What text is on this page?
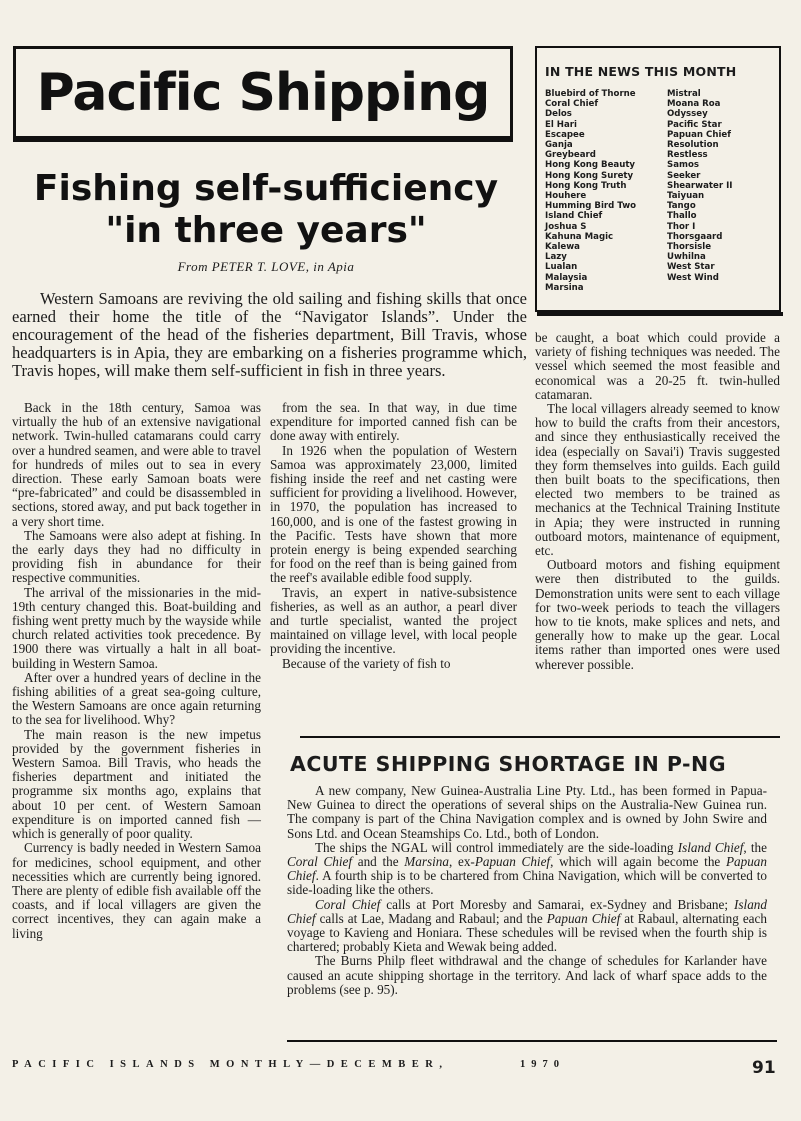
Pacific Shipping
Fishing self-sufficiency
"in three years"
From PETER T. LOVE, in Apia

Western Samoans are reviving the old sailing and fishing skills that once earned their home the title of the “Navigator Islands”. Under the encouragement of the head of the fisheries department, Bill Travis, whose headquarters is in Apia, they are embarking on a fisheries programme which, Travis hopes, will make them self-sufficient in fish in three years.

Back in the 18th century, Samoa was virtually the hub of an extensive navigational network. Twin-hulled catamarans could carry over a hundred seamen, and were able to travel for hundreds of miles out to sea in every direction. These early Samoan boats were “pre-fabricated” and could be disassembled in sections, stored away, and put back together in a very short time.

The Samoans were also adept at fishing. In the early days they had no difficulty in providing fish in abundance for their respective communities.

The arrival of the missionaries in the mid-19th century changed this. Boat-building and fishing went pretty much by the wayside while church related activities took precedence. By 1900 there was virtually a halt in all boat-building in Western Samoa.

After over a hundred years of decline in the fishing abilities of a great sea-going culture, the Western Samoans are once again returning to the sea for livelihood. Why?

The main reason is the new impetus provided by the government fisheries in Western Samoa. Bill Travis, who heads the fisheries department and initiated the programme six months ago, explains that about 10 per cent. of Western Samoan expenditure is on imported canned fish —which is generally of poor quality.

Currency is badly needed in Western Samoa for medicines, school equipment, and other necessities which are currently being ignored. There are plenty of edible fish available off the coasts, and if local villagers are given the correct incentives, they can again make a living

from the sea. In that way, in due time expenditure for imported canned fish can be done away with entirely.

In 1926 when the population of Western Samoa was approximately 23,000, limited fishing inside the reef and net casting were sufficient for providing a livelihood. However, in 1970, the population has increased to 160,000, and is one of the fastest growing in the Pacific. Tests have shown that more protein energy is being expended searching for food on the reef than is being gained from the reef's available edible food supply.

Travis, an expert in native-subsistence fisheries, as well as an author, a pearl diver and turtle specialist, wanted the project maintained on village level, with local people providing the incentive.

Because of the variety of fish to

IN THE NEWS THIS MONTH
Bluebird of Thorne
Coral Chief
Delos
El Hari
Escapee
Ganja
Greybeard
Hong Kong Beauty
Hong Kong Surety
Hong Kong Truth
Houhere
Humming Bird Two
Island Chief
Joshua S
Kahuna Magic
Kalewa
Lazy
Lualan
Malaysia
Marsina
Mistral
Moana Roa
Odyssey
Pacific Star
Papuan Chief
Resolution
Restless
Samos
Seeker
Shearwater II
Taiyuan
Tango
Thallo
Thor I
Thorsgaard
Thorsisle
Uwhilna
West Star
West Wind

be caught, a boat which could provide a variety of fishing techniques was needed. The vessel which seemed the most feasible and economical was a 20-25 ft. twin-hulled catamaran.

The local villagers already seemed to know how to build the crafts from their ancestors, and since they enthusiastically received the idea (especially on Savai'i) Travis suggested they form themselves into guilds. Each guild then built boats to the specifications, then elected two members to be trained as mechanics at the Technical Training Institute in Apia; they were instructed in running outboard motors, maintenance of equipment, etc.

Outboard motors and fishing equipment were then distributed to the guilds. Demonstration units were sent to each village for two-week periods to teach the villagers how to tie knots, make splices and nets, and generally how to make up the gear. Local items rather than imported ones were used wherever possible.

ACUTE SHIPPING SHORTAGE IN P-NG

A new company, New Guinea-Australia Line Pty. Ltd., has been formed in Papua-New Guinea to direct the operations of several ships on the Australia-New Guinea run. The company is part of the China Navigation complex and is owned by John Swire and Sons Ltd. and Ocean Steamships Co. Ltd., both of London.

The ships the NGAL will control immediately are the side-loading Island Chief, the Coral Chief and the Marsina, ex-Papuan Chief, which will again become the Papuan Chief. A fourth ship is to be chartered from China Navigation, which will be converted to side-loading like the others.

Coral Chief calls at Port Moresby and Samarai, ex-Sydney and Brisbane; Island Chief calls at Lae, Madang and Rabaul; and the Papuan Chief at Rabaul, alternating each voyage to Kavieng and Honiara. These schedules will be revised when the fourth ship is chartered; probably Kieta and Wewak being added.

The Burns Philp fleet withdrawal and the change of schedules for Karlander have caused an acute shipping shortage in the territory. And lack of wharf space adds to the problems (see p. 95).

PACIFIC ISLANDS MONTHLY—DECEMBER,	1970	91
